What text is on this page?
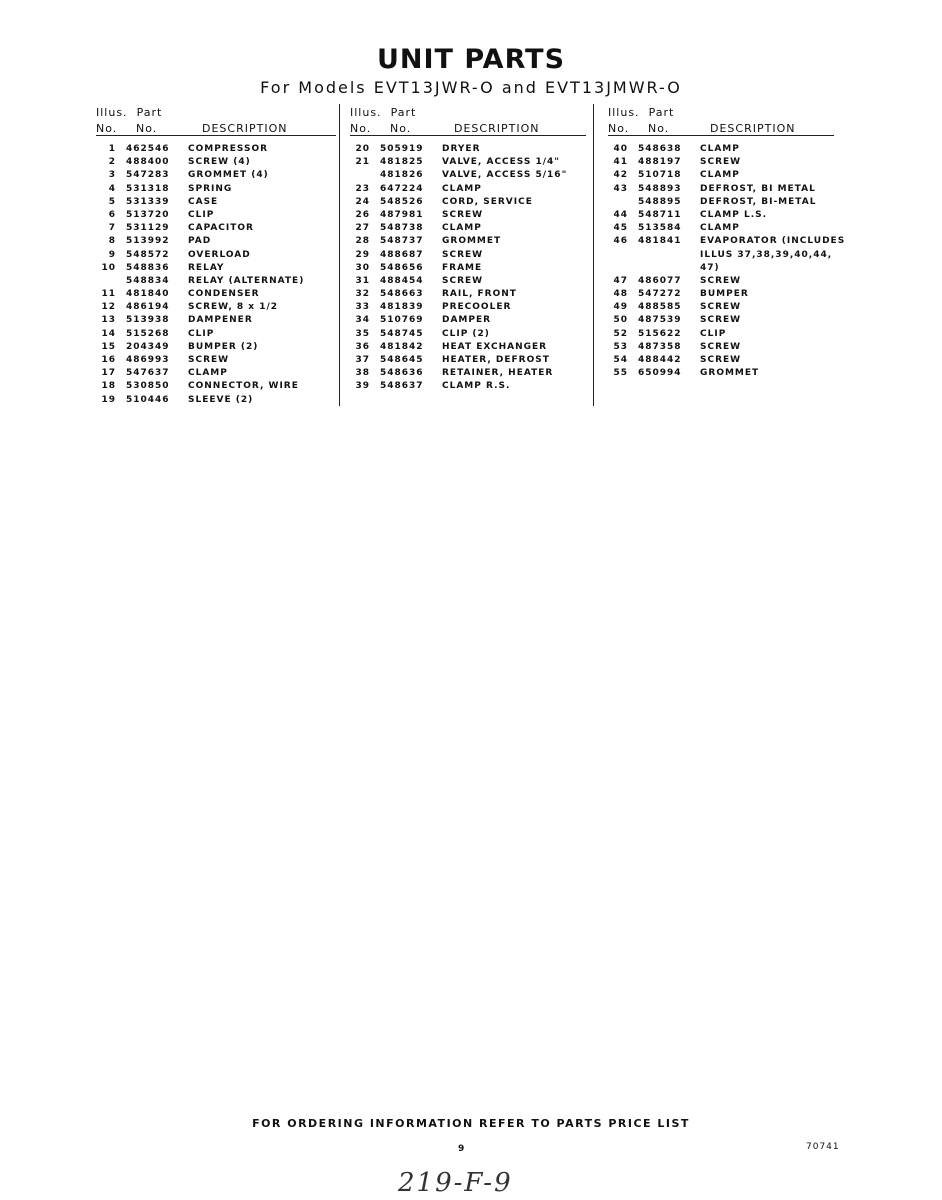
UNIT PARTS
For Models EVT13JWR-O and EVT13JMWR-O
Illus. Part
No. No.	DESCRIPTION
1 462546 COMPRESSOR
2 488400 SCREW (4)
3 547283 GROMMET (4)
4 531318 SPRING
5 531339 CASE
6 513720 CLIP
7 531129 CAPACITOR
8 513992 PAD
9 548572 OVERLOAD
10 548836 RELAY
548834 RELAY (ALTERNATE)
11 481840 CONDENSER
12 486194 SCREW, 8 x 1/2
13 513938 DAMPENER
14 515268 CLIP
15 204349 BUMPER (2)
16 486993 SCREW
17 547637 CLAMP
18 530850 CONNECTOR, WIRE
19 510446 SLEEVE (2)
Illus. Part
No. No.	DESCRIPTION
20 505919 DRYER
21 481825 VALVE, ACCESS 1/4"
481826 VALVE, ACCESS 5/16"
23 647224 CLAMP
24 548526 CORD, SERVICE
26 487981 SCREW
27 548738 CLAMP
28 548737 GROMMET
29 488687 SCREW
30 548656 FRAME
31 488454 SCREW
32 548663 RAIL, FRONT
33 481839 PRECOOLER
34 510769 DAMPER
35 548745 CLIP (2)
36 481842 HEAT EXCHANGER
37 548645 HEATER, DEFROST
38 548636 RETAINER, HEATER
39 548637 CLAMP R.S.
Illus. Part
No. No.	DESCRIPTION
40 548638 CLAMP
41 488197 SCREW
42 510718 CLAMP
43 548893 DEFROST, BI METAL
548895 DEFROST, BI-METAL
44 548711 CLAMP L.S.
45 513584 CLAMP
46 481841 EVAPORATOR (INCLUDES
ILLUS 37,38,39,40,44,
47)
47 486077 SCREW
48 547272 BUMPER
49 488585 SCREW
50 487539 SCREW
52 515622 CLIP
53 487358 SCREW
54 488442 SCREW
55 650994 GROMMET
FOR ORDERING INFORMATION REFER TO PARTS PRICE LIST
9	70741
219-F-9
